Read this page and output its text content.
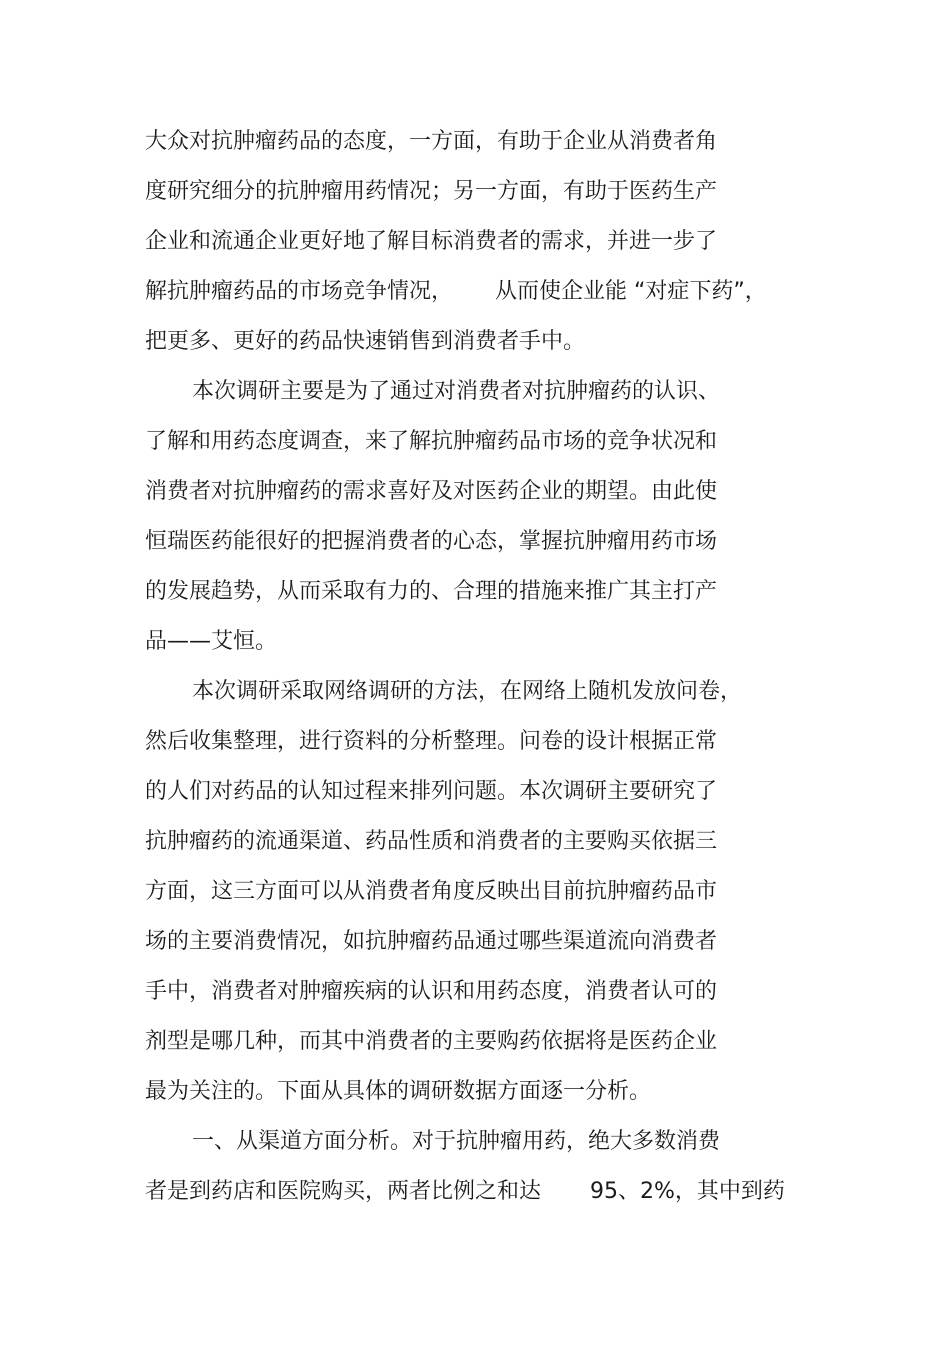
大众对抗肿瘤药品的态度，一方面，有助于企业从消费者角
度研究细分的抗肿瘤用药情况；另一方面，有助于医药生产
企业和流通企业更好地了解目标消费者的需求，并进一步了
解抗肿瘤药品的市场竞争情况，      从而使企业能 “对症下药”，
把更多、更好的药品快速销售到消费者手中。
本次调研主要是为了通过对消费者对抗肿瘤药的认识、
了解和用药态度调查，来了解抗肿瘤药品市场的竞争状况和
消费者对抗肿瘤药的需求喜好及对医药企业的期望。由此使
恒瑞医药能很好的把握消费者的心态，掌握抗肿瘤用药市场
的发展趋势，从而采取有力的、合理的措施来推广其主打产
品——艾恒。
本次调研采取网络调研的方法，在网络上随机发放问卷，
然后收集整理，进行资料的分析整理。问卷的设计根据正常
的人们对药品的认知过程来排列问题。本次调研主要研究了
抗肿瘤药的流通渠道、药品性质和消费者的主要购买依据三
方面，这三方面可以从消费者角度反映出目前抗肿瘤药品市
场的主要消费情况，如抗肿瘤药品通过哪些渠道流向消费者
手中，消费者对肿瘤疾病的认识和用药态度，消费者认可的
剂型是哪几种，而其中消费者的主要购药依据将是医药企业
最为关注的。下面从具体的调研数据方面逐一分析。
一、从渠道方面分析。对于抗肿瘤用药，绝大多数消费
者是到药店和医院购买，两者比例之和达       95、2%，其中到药
